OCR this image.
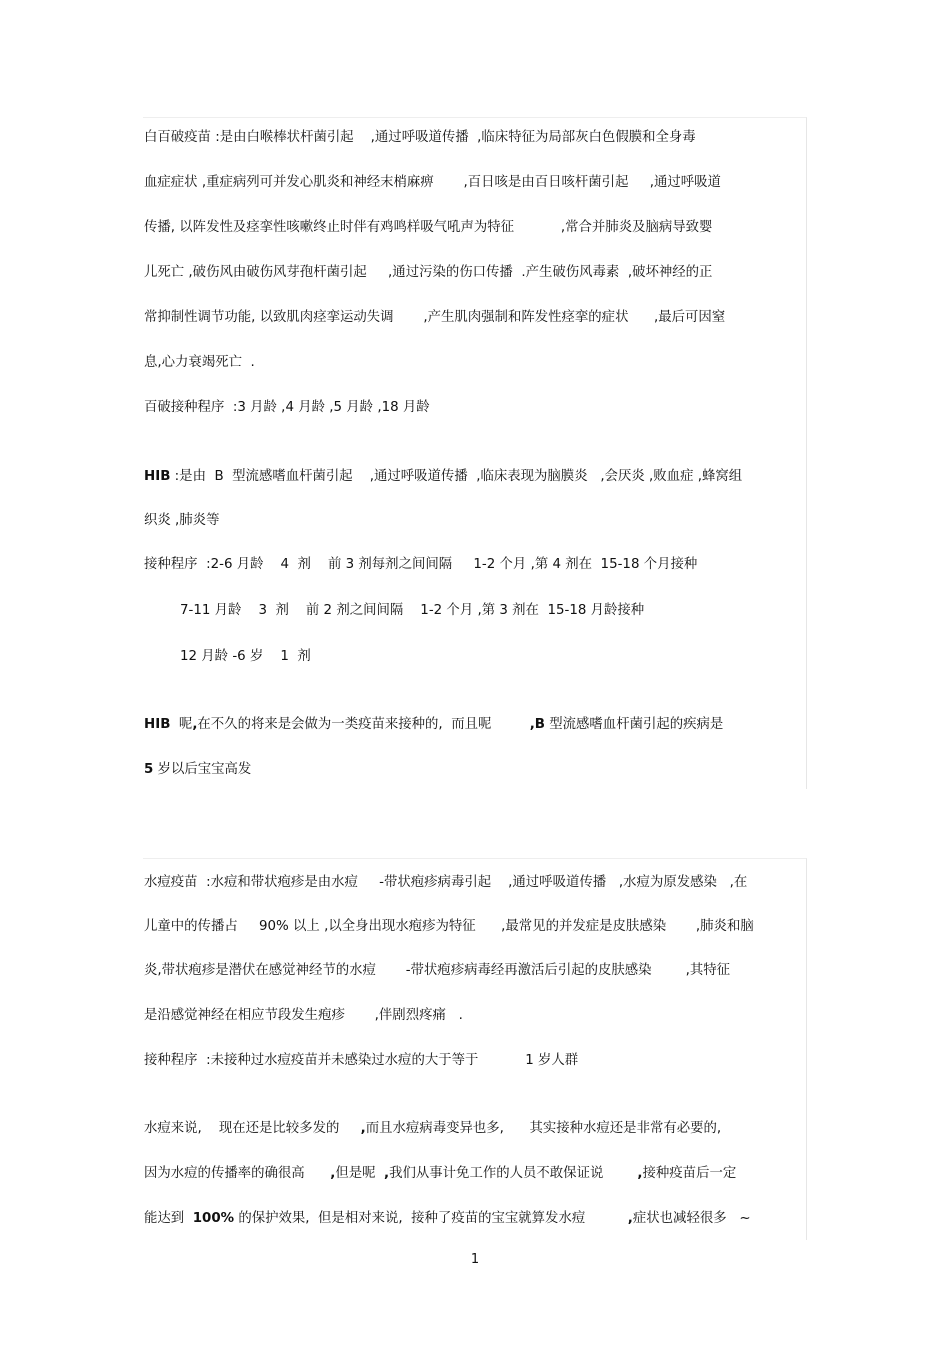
白百破疫苗 :是由白喉棒状杆菌引起    ,通过呼吸道传播  ,临床特征为局部灰白色假膜和全身毒

血症症状 ,重症病列可并发心肌炎和神经末梢麻痹       ,百日咳是由百日咳杆菌引起     ,通过呼吸道

传播, 以阵发性及痉挛性咳嗽终止时伴有鸡鸣样吸气吼声为特征           ,常合并肺炎及脑病导致婴

儿死亡 ,破伤风由破伤风芽孢杆菌引起     ,通过污染的伤口传播  .产生破伤风毒素  ,破坏神经的正

常抑制性调节功能, 以致肌肉痉挛运动失调       ,产生肌肉强制和阵发性痉挛的症状      ,最后可因窒

息,心力衰竭死亡  .

百破接种程序  :3 月龄 ,4 月龄 ,5 月龄 ,18 月龄

HIB :是由  B  型流感嗜血杆菌引起    ,通过呼吸道传播  ,临床表现为脑膜炎   ,会厌炎 ,败血症 ,蜂窝组

织炎 ,肺炎等

接种程序  :2-6 月龄    4  剂    前 3 剂每剂之间间隔     1-2 个月 ,第 4 剂在  15-18 个月接种

7-11 月龄    3  剂    前 2 剂之间间隔    1-2 个月 ,第 3 剂在  15-18 月龄接种

12 月龄 -6 岁    1  剂

HIB  呢,在不久的将来是会做为一类疫苗来接种的,  而且呢         ,B 型流感嗜血杆菌引起的疾病是

5 岁以后宝宝高发

水痘疫苗  :水痘和带状疱疹是由水痘     -带状疱疹病毒引起    ,通过呼吸道传播   ,水痘为原发感染   ,在

儿童中的传播占     90% 以上 ,以全身出现水疱疹为特征      ,最常见的并发症是皮肤感染       ,肺炎和脑

炎,带状疱疹是潜伏在感觉神经节的水痘       -带状疱疹病毒经再激活后引起的皮肤感染        ,其特征

是沿感觉神经在相应节段发生疱疹       ,伴剧烈疼痛   .

接种程序  :未接种过水痘疫苗并未感染过水痘的大于等于           1 岁人群

水痘来说,    现在还是比较多发的     ,而且水痘病毒变异也多,      其实接种水痘还是非常有必要的,

因为水痘的传播率的确很高      ,但是呢  ,我们从事计免工作的人员不敢保证说        ,接种疫苗后一定

能达到  100% 的保护效果,  但是相对来说,  接种了疫苗的宝宝就算发水痘          ,症状也减轻很多   ~

1
